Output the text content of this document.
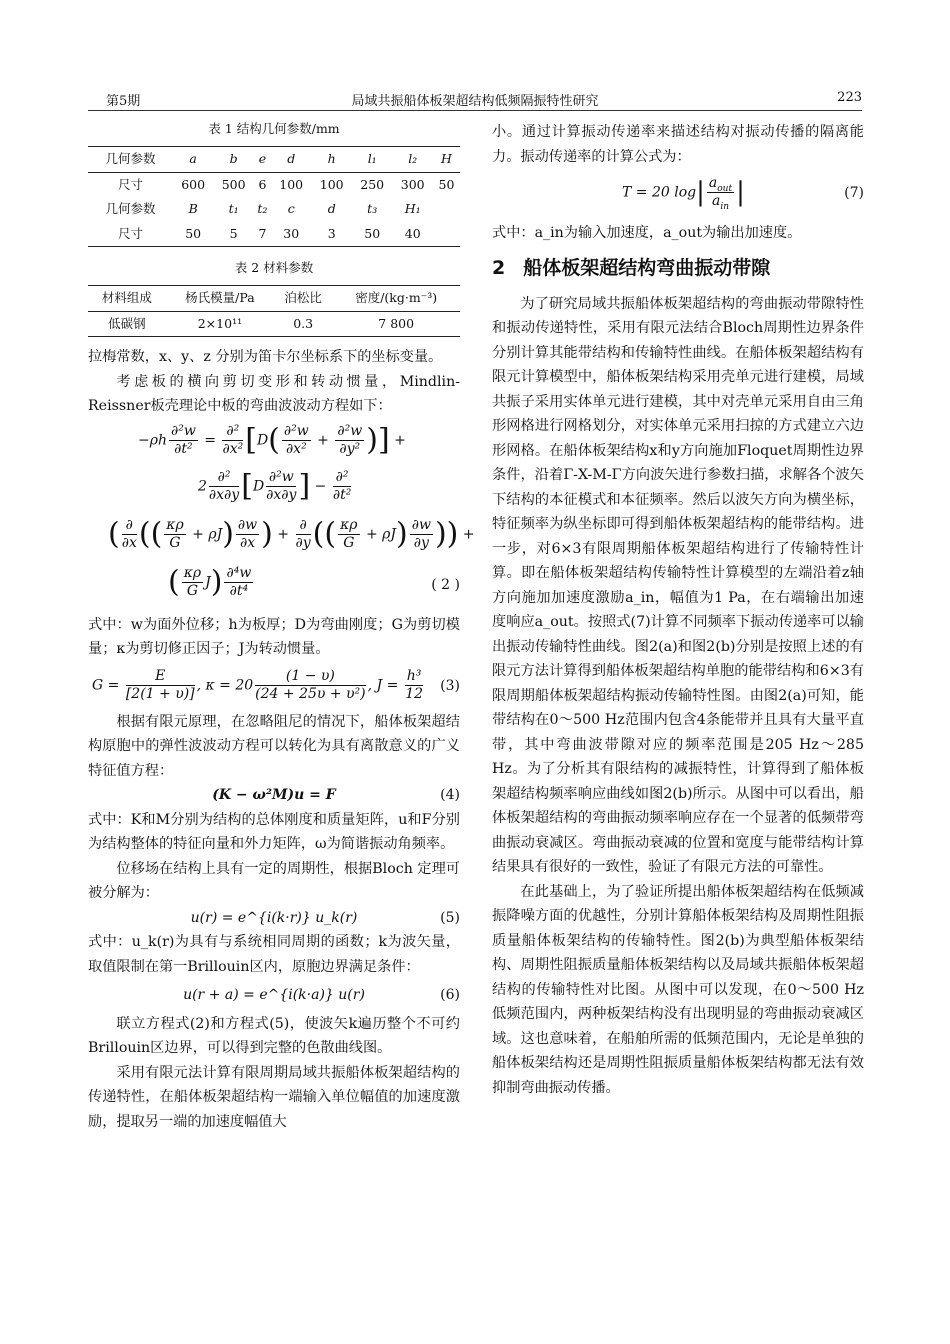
第5期	局域共振船体板架超结构低频隔振特性研究	223
表 1 结构几何参数/mm
几何参数	a	b	e	d	h	l₁	l₂	H
尺寸	600	500	6	100	100	250	300	50
几何参数	B	t₁	t₂	c	d	t₃	H₁	
尺寸	50	5	7	30	3	50	40	
表 2 材料参数
材料组成	杨氏模量/Pa	泊松比	密度/(kg·m⁻³)
低碳钢	2×10¹¹	0.3	7 800

拉梅常数，x、y、z 分别为笛卡尔坐标系下的坐标变量。

考虑板的横向剪切变形和转动惯量，Mindlin-Reissner板壳理论中板的弯曲波波动方程如下：

$-\rho h \frac{\text{∂²w}}{\text{∂t²}} = \frac{\text{∂²}}{\text{∂x²}} [D( \frac{\text{∂²w}}{\text{∂x²}} + \frac{\text{∂²w}}{\text{∂y²}}$ )] +
$2 \frac{\text{∂²}}{\partial x\partial y} [D \frac{\text{∂²w}}{\partial x\partial y}$ ] − $\frac{\text{∂²}}{\text{∂t²}}$
( $\frac{\partial}{\partial x}$ (( $\frac{\kappa\rho}{G} + \rho J) \frac{\partial w}{\partial x}$ ) + $\frac{\partial}{\partial y}$ (( $\frac{\kappa\rho}{G} + \rho J) \frac{\partial w}{\partial y}$ )) +
( $\frac{\kappa\rho}{G} J) \frac{\text{∂⁴w}}{\text{∂t⁴}}$	( 2 )

式中：w为面外位移；h为板厚；D为弯曲刚度；G为剪切模量；κ为剪切修正因子；J为转动惯量。

$G = \frac{E}{[2(1 + \upsilon)]}$ , $\kappa = 20 \frac{(1 - \upsilon)}{\text{(24 + 25υ + υ²)}}$ , $J = \frac{\text{h³}}{12} (3)$

根据有限元原理，在忽略阻尼的情况下，船体板架超结构原胞中的弹性波波动方程可以转化为具有离散意义的广义特征值方程：

(K − ω²M)u = F	(4)

式中：K和M分别为结构的总体刚度和质量矩阵，u和F分别为结构整体的特征向量和外力矩阵，ω为简谐振动角频率。

位移场在结构上具有一定的周期性，根据Bloch 定理可被分解为：

u(r) = e^{i(k·r)} u_k(r)	(5)

式中：u_k(r)为具有与系统相同周期的函数；k为波矢量，取值限制在第一Brillouin区内，原胞边界满足条件：

u(r + a) = e^{i(k·a)} u(r)	(6)

联立方程式(2)和方程式(5)，使波矢k遍历整个不可约Brillouin区边界，可以得到完整的色散曲线图。

采用有限元法计算有限周期局域共振船体板架超结构的传递特性，在船体板架超结构一端输入单位幅值的加速度激励，提取另一端的加速度幅值大

小。通过计算振动传递率来描述结构对振动传播的隔离能力。振动传递率的计算公式为：

T = 20 $\log| \frac{a_{out}}{a_{in}}$ |	(7)

式中：a_in为输入加速度，a_out为输出加速度。

2 船体板架超结构弯曲振动带隙

为了研究局域共振船体板架超结构的弯曲振动带隙特性和振动传递特性，采用有限元法结合Bloch周期性边界条件分别计算其能带结构和传输特性曲线。在船体板架超结构有限元计算模型中，船体板架结构采用壳单元进行建模，局域共振子采用实体单元进行建模，其中对壳单元采用自由三角形网格进行网格划分，对实体单元采用扫掠的方式建立六边形网格。在船体板架结构x和y方向施加Floquet周期性边界条件，沿着Γ-X-M-Γ方向波矢进行参数扫描，求解各个波矢下结构的本征模式和本征频率。然后以波矢方向为横坐标，特征频率为纵坐标即可得到船体板架超结构的能带结构。进一步，对6×3有限周期船体板架超结构进行了传输特性计算。即在船体板架超结构传输特性计算模型的左端沿着z轴方向施加加速度激励a_in，幅值为1 Pa，在右端输出加速度响应a_out。按照式(7)计算不同频率下振动传递率可以输出振动传输特性曲线。图2(a)和图2(b)分别是按照上述的有限元方法计算得到船体板架超结构单胞的能带结构和6×3有限周期船体板架超结构振动传输特性图。由图2(a)可知，能带结构在0～500 Hz范围内包含4条能带并且具有大量平直带，其中弯曲波带隙对应的频率范围是205 Hz～285 Hz。为了分析其有限结构的减振特性，计算得到了船体板架超结构频率响应曲线如图2(b)所示。从图中可以看出，船体板架超结构的弯曲振动频率响应存在一个显著的低频带弯曲振动衰减区。弯曲振动衰减的位置和宽度与能带结构计算结果具有很好的一致性，验证了有限元方法的可靠性。

在此基础上，为了验证所提出船体板架超结构在低频减振降噪方面的优越性，分别计算船体板架结构及周期性阻振质量船体板架结构的传输特性。图2(b)为典型船体板架结构、周期性阻振质量船体板架结构以及局域共振船体板架超结构的传输特性对比图。从图中可以发现，在0～500 Hz低频范围内，两种板架结构没有出现明显的弯曲振动衰减区域。这也意味着，在船舶所需的低频范围内，无论是单独的船体板架结构还是周期性阻振质量船体板架结构都无法有效抑制弯曲振动传播。
